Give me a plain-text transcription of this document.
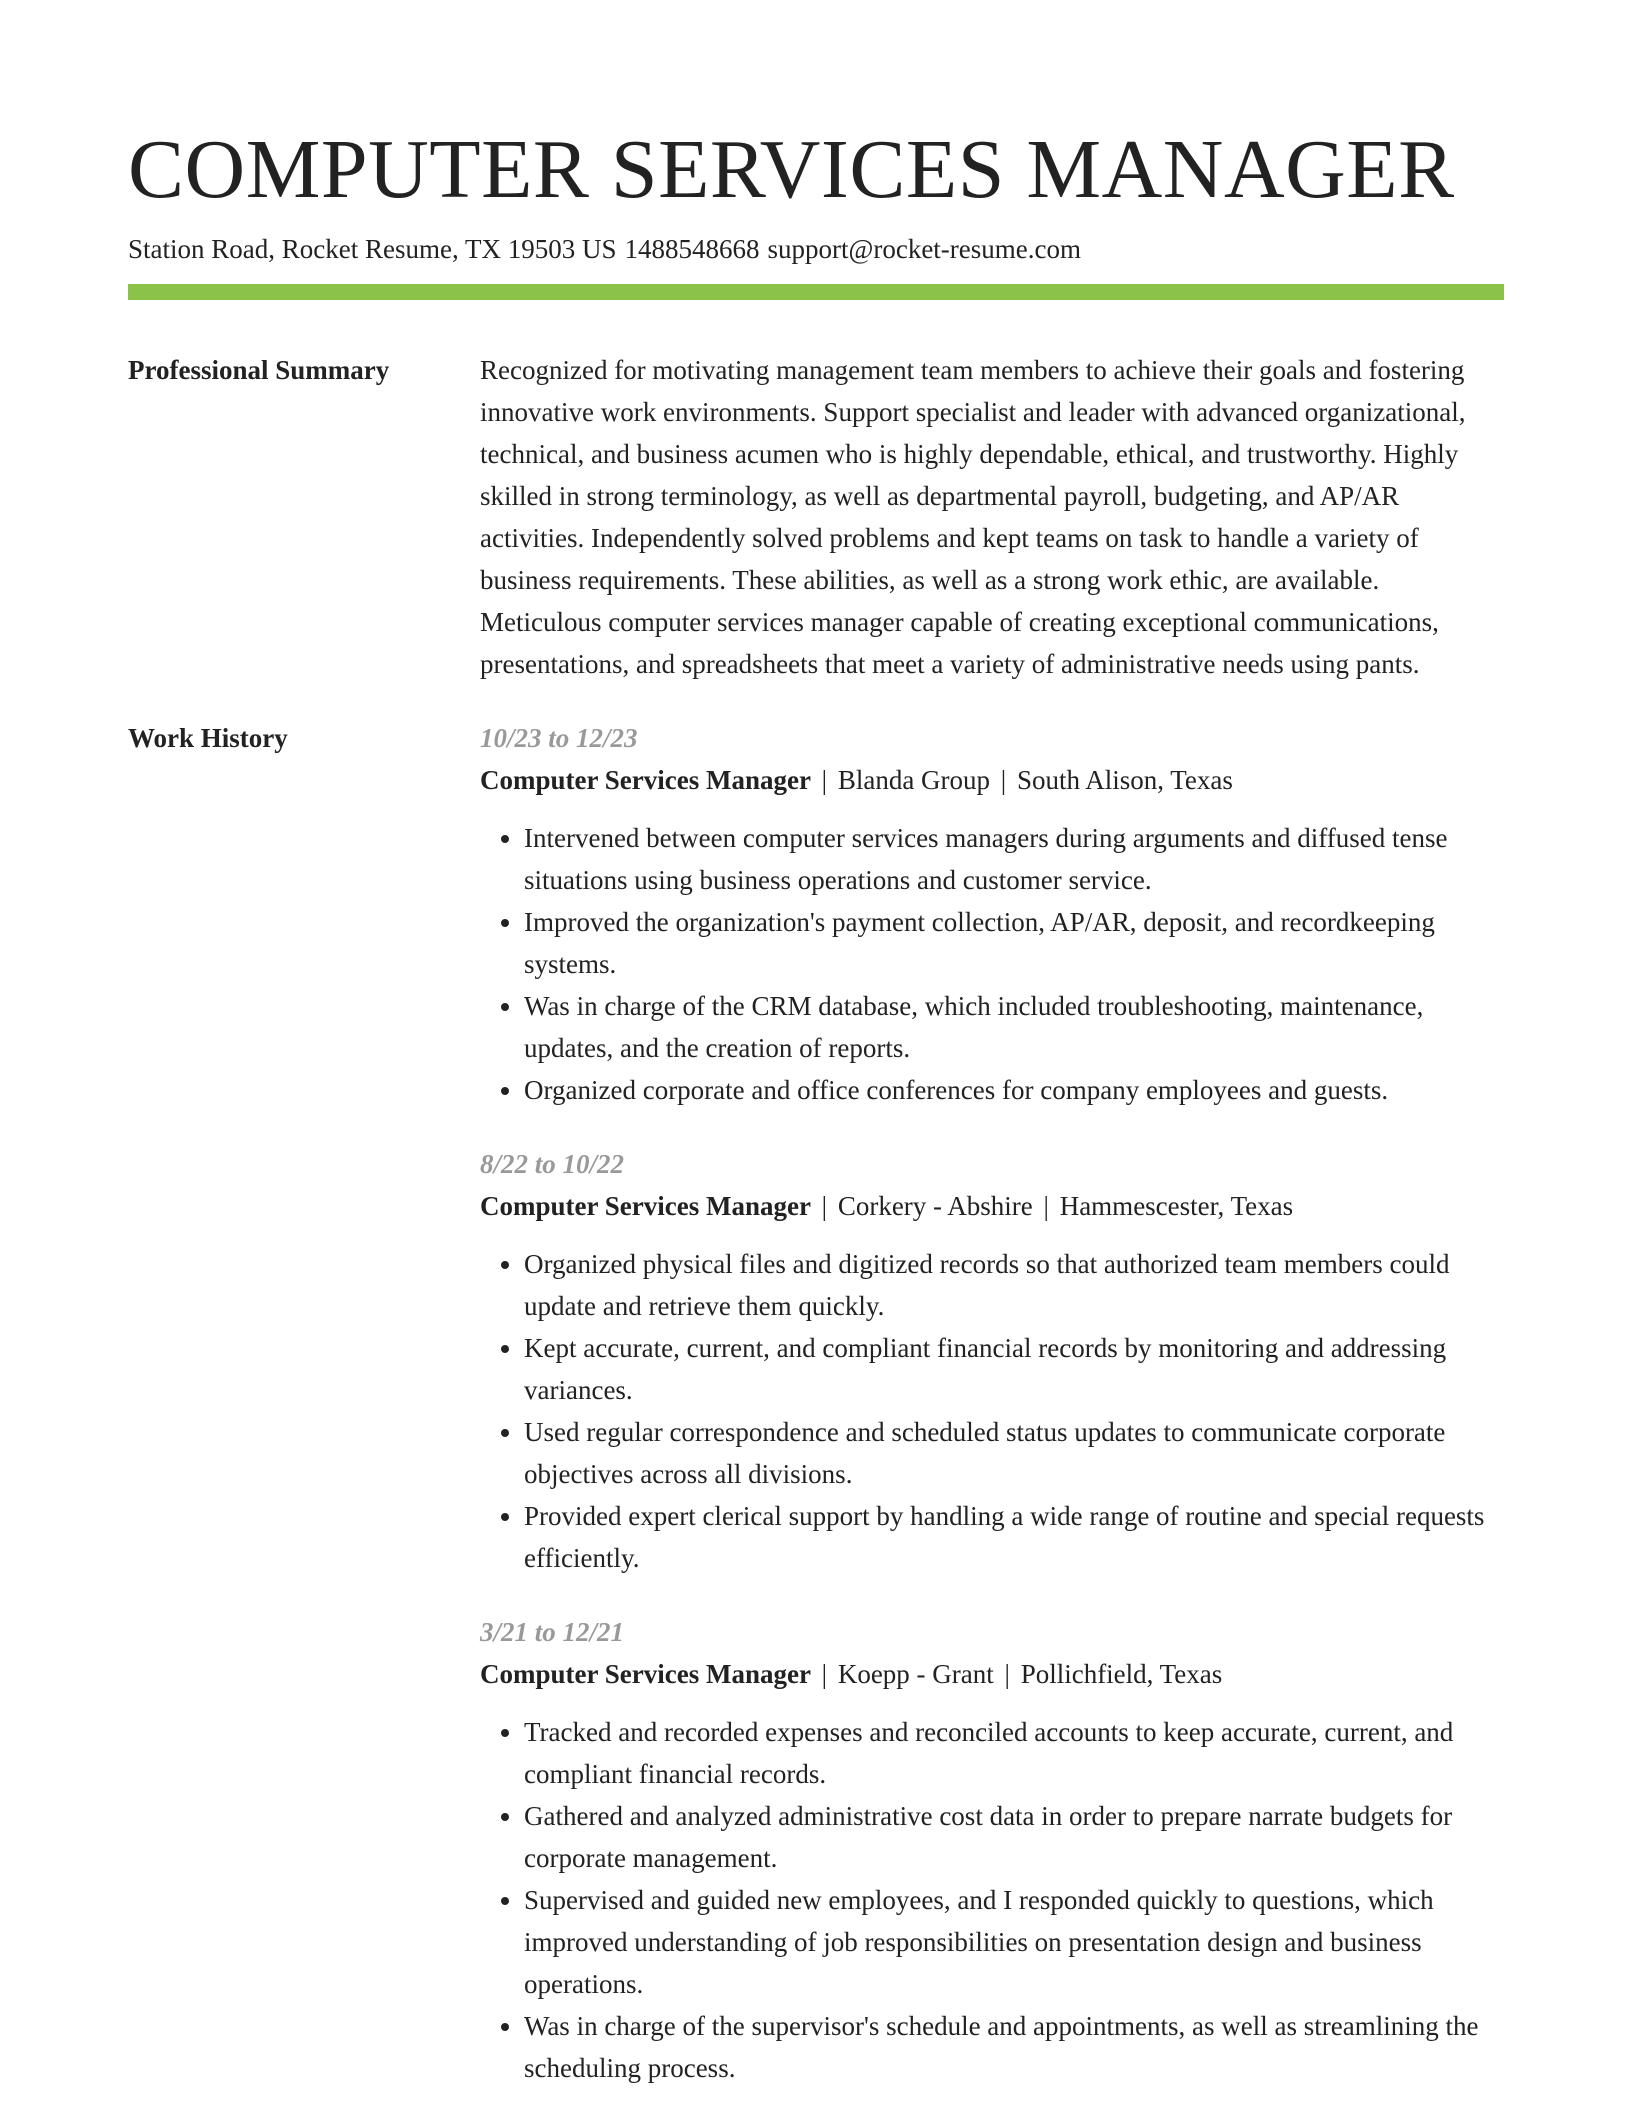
COMPUTER SERVICES MANAGER
Station Road, Rocket Resume, TX 19503 US 1488548668 support@rocket-resume.com
Professional Summary	Recognized for motivating management team members to achieve their goals and fostering innovative work environments. Support specialist and leader with advanced organizational, technical, and business acumen who is highly dependable, ethical, and trustworthy. Highly skilled in strong terminology, as well as departmental payroll, budgeting, and AP/AR activities. Independently solved problems and kept teams on task to handle a variety of business requirements. These abilities, as well as a strong work ethic, are available. Meticulous computer services manager capable of creating exceptional communications, presentations, and spreadsheets that meet a variety of administrative needs using pants.

Work History	10/23 to 12/23
Computer Services Manager | Blanda Group | South Alison, Texas
• Intervened between computer services managers during arguments and diffused tense situations using business operations and customer service.
• Improved the organization's payment collection, AP/AR, deposit, and recordkeeping systems.
• Was in charge of the CRM database, which included troubleshooting, maintenance, updates, and the creation of reports.
• Organized corporate and office conferences for company employees and guests.
8/22 to 10/22
Computer Services Manager | Corkery - Abshire | Hammescester, Texas
• Organized physical files and digitized records so that authorized team members could update and retrieve them quickly.
• Kept accurate, current, and compliant financial records by monitoring and addressing variances.
• Used regular correspondence and scheduled status updates to communicate corporate objectives across all divisions.
• Provided expert clerical support by handling a wide range of routine and special requests efficiently.
3/21 to 12/21
Computer Services Manager | Koepp - Grant | Pollichfield, Texas
• Tracked and recorded expenses and reconciled accounts to keep accurate, current, and compliant financial records.
• Gathered and analyzed administrative cost data in order to prepare narrate budgets for corporate management.
• Supervised and guided new employees, and I responded quickly to questions, which improved understanding of job responsibilities on presentation design and business operations.
• Was in charge of the supervisor's schedule and appointments, as well as streamlining the scheduling process.
